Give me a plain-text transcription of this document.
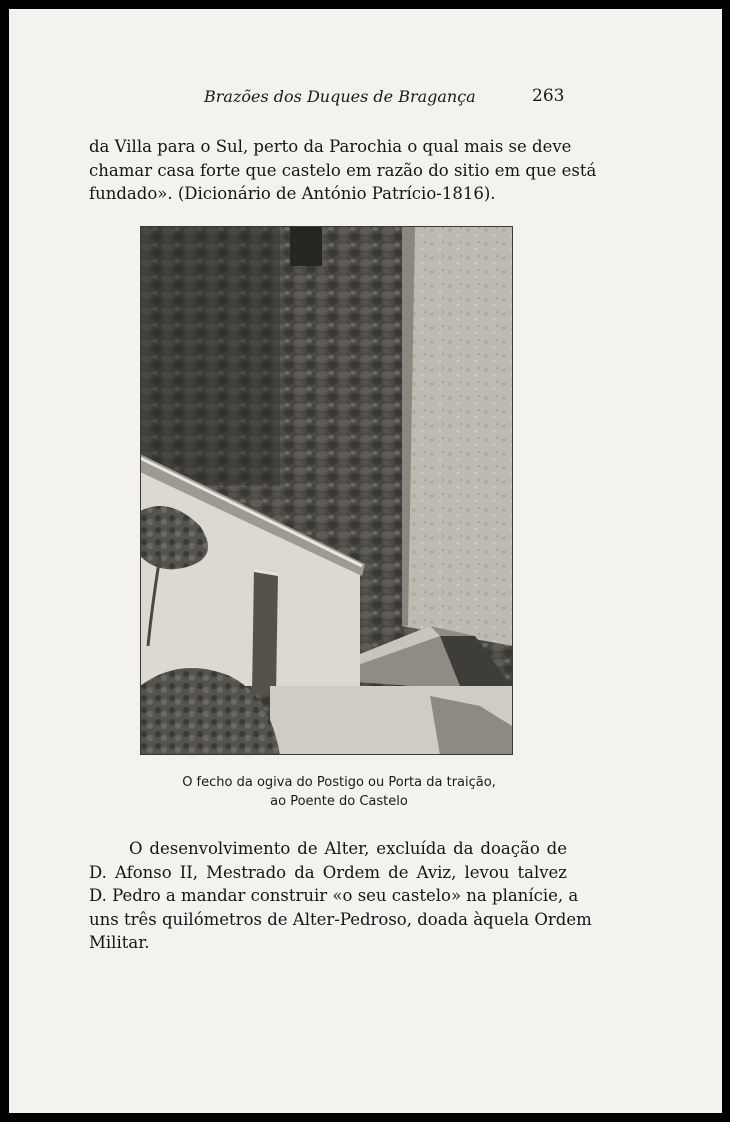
Brazões dos Duques de Bragança	263

da Villa para o Sul, perto da Parochia o qual mais se deve
chamar casa forte que castelo em razão do sitio em que está
fundado». (Dicionário de António Patrício-1816).

O fecho da ogiva do Postigo ou Porta da traição,
ao Poente do Castelo

O desenvolvimento de Alter, excluída da doação de
D. Afonso II, Mestrado da Ordem de Aviz, levou talvez
D. Pedro a mandar construir «o seu castelo» na planície, a
uns três quilómetros de Alter-Pedroso, doada àquela Ordem
Militar.
